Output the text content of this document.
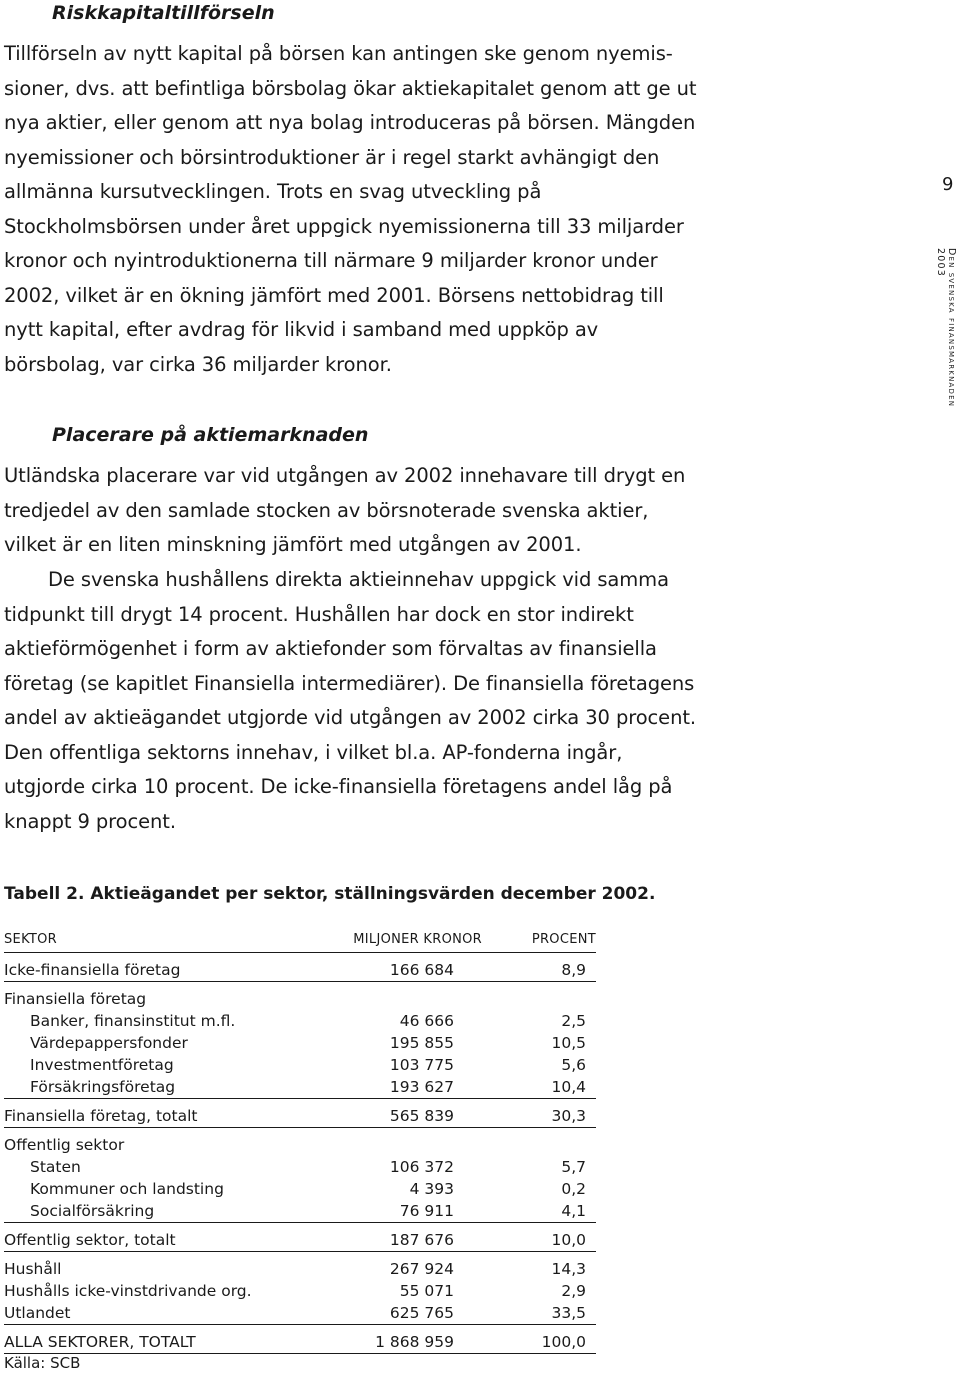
Riskkapitaltillförseln

Tillförseln av nytt kapital på börsen kan antingen ske genom nyemissioner, dvs. att befintliga börsbolag ökar aktiekapitalet genom att ge ut nya aktier, eller genom att nya bolag introduceras på börsen. Mängden nyemissioner och börsintroduktioner är i regel starkt avhängigt den allmänna kursutvecklingen. Trots en svag utveckling på Stockholmsbörsen under året uppgick nyemissionerna till 33 miljarder kronor och nyintroduktionerna till närmare 9 miljarder kronor under 2002, vilket är en ökning jämfört med 2001. Börsens nettobidrag till nytt kapital, efter avdrag för likvid i samband med uppköp av börsbolag, var cirka 36 miljarder kronor.

Placerare på aktiemarknaden

Utländska placerare var vid utgången av 2002 innehavare till drygt en tredjedel av den samlade stocken av börsnoterade svenska aktier, vilket är en liten minskning jämfört med utgången av 2001.

De svenska hushållens direkta aktieinnehav uppgick vid samma tidpunkt till drygt 14 procent. Hushållen har dock en stor indirekt aktieförmögenhet i form av aktiefonder som förvaltas av finansiella företag (se kapitlet Finansiella intermediärer). De finansiella företagens andel av aktieägandet utgjorde vid utgången av 2002 cirka 30 procent. Den offentliga sektorns innehav, i vilket bl.a. AP-fonderna ingår, utgjorde cirka 10 procent. De icke-finansiella företagens andel låg på knappt 9 procent.

9
Den svenska finansmarknaden 2003

Tabell 2. Aktieägandet per sektor, ställningsvärden december 2002.

SEKTOR	MILJONER KRONOR	PROCENT
Icke-finansiella företag	166 684	8,9
Finansiella företag		
Banker, finansinstitut m.fl.	46 666	2,5
Värdepappersfonder	195 855	10,5
Investmentföretag	103 775	5,6
Försäkringsföretag	193 627	10,4
Finansiella företag, totalt	565 839	30,3
Offentlig sektor		
Staten	106 372	5,7
Kommuner och landsting	4 393	0,2
Socialförsäkring	76 911	4,1
Offentlig sektor, totalt	187 676	10,0
Hushåll	267 924	14,3
Hushålls icke-vinstdrivande org.	55 071	2,9
Utlandet	625 765	33,5
ALLA SEKTORER, TOTALT	1 868 959	100,0

Källa: SCB
